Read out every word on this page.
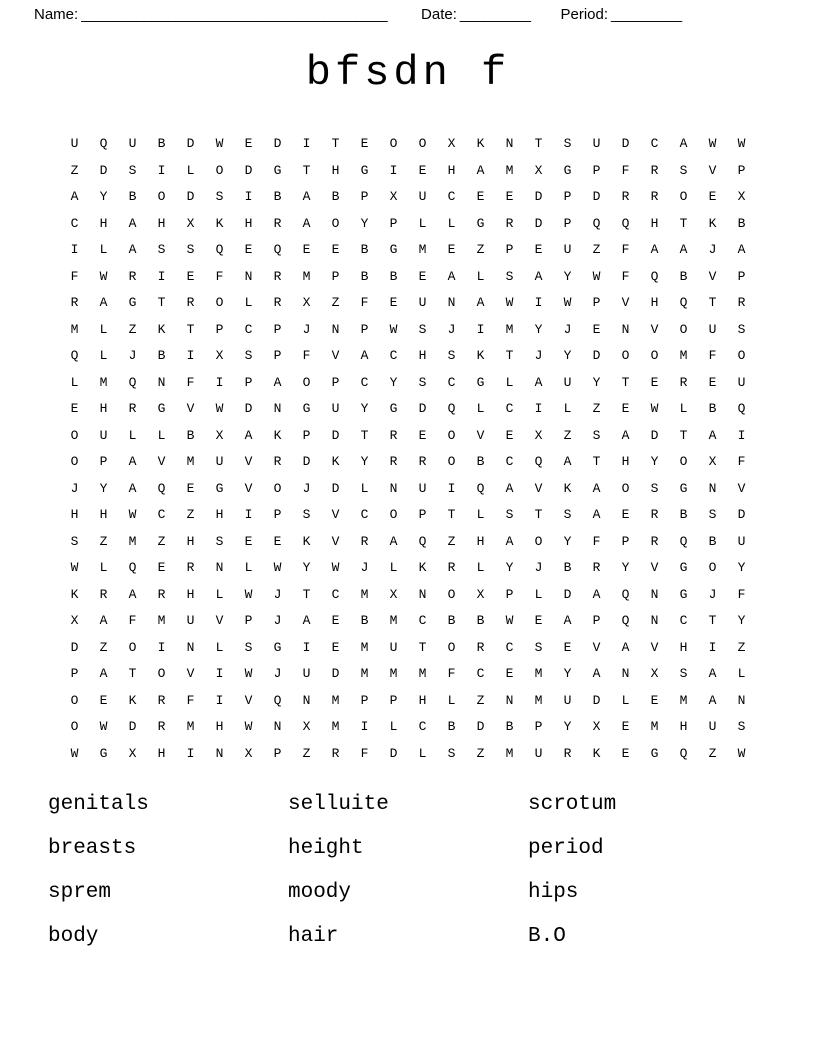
Name: _______________________________________ Date: _________ Period: _________
bfsdn f
U	Q	U	B	D	W	E	D	I	T	E	O	O	X	K	N	T	S	U	D	C	A	W	W
Z	D	S	I	L	O	D	G	T	H	G	I	E	H	A	M	X	G	P	F	R	S	V	P
A	Y	B	O	D	S	I	B	A	B	P	X	U	C	E	E	D	P	D	R	R	O	E	X
C	H	A	H	X	K	H	R	A	O	Y	P	L	L	G	R	D	P	Q	Q	H	T	K	B
I	L	A	S	S	Q	E	Q	E	E	B	G	M	E	Z	P	E	U	Z	F	A	A	J	A
F	W	R	I	E	F	N	R	M	P	B	B	E	A	L	S	A	Y	W	F	Q	B	V	P
R	A	G	T	R	O	L	R	X	Z	F	E	U	N	A	W	I	W	P	V	H	Q	T	R
M	L	Z	K	T	P	C	P	J	N	P	W	S	J	I	M	Y	J	E	N	V	O	U	S
Q	L	J	B	I	X	S	P	F	V	A	C	H	S	K	T	J	Y	D	O	O	M	F	O
L	M	Q	N	F	I	P	A	O	P	C	Y	S	C	G	L	A	U	Y	T	E	R	E	U
E	H	R	G	V	W	D	N	G	U	Y	G	D	Q	L	C	I	L	Z	E	W	L	B	Q
O	U	L	L	B	X	A	K	P	D	T	R	E	O	V	E	X	Z	S	A	D	T	A	I
O	P	A	V	M	U	V	R	D	K	Y	R	R	O	B	C	Q	A	T	H	Y	O	X	F
J	Y	A	Q	E	G	V	O	J	D	L	N	U	I	Q	A	V	K	A	O	S	G	N	V
H	H	W	C	Z	H	I	P	S	V	C	O	P	T	L	S	T	S	A	E	R	B	S	D
S	Z	M	Z	H	S	E	E	K	V	R	A	Q	Z	H	A	O	Y	F	P	R	Q	B	U
W	L	Q	E	R	N	L	W	Y	W	J	L	K	R	L	Y	J	B	R	Y	V	G	O	Y
K	R	A	R	H	L	W	J	T	C	M	X	N	O	X	P	L	D	A	Q	N	G	J	F
X	A	F	M	U	V	P	J	A	E	B	M	C	B	B	W	E	A	P	Q	N	C	T	Y
D	Z	O	I	N	L	S	G	I	E	M	U	T	O	R	C	S	E	V	A	V	H	I	Z
P	A	T	O	V	I	W	J	U	D	M	M	M	F	C	E	M	Y	A	N	X	S	A	L
O	E	K	R	F	I	V	Q	N	M	P	P	H	L	Z	N	M	U	D	L	E	M	A	N
O	W	D	R	M	H	W	N	X	M	I	L	C	B	D	B	P	Y	X	E	M	H	U	S
W	G	X	H	I	N	X	P	Z	R	F	D	L	S	Z	M	U	R	K	E	G	Q	Z	W
genitals	selluite	scrotum
breasts	height	period
sprem	moody	hips
body	hair	B.O
